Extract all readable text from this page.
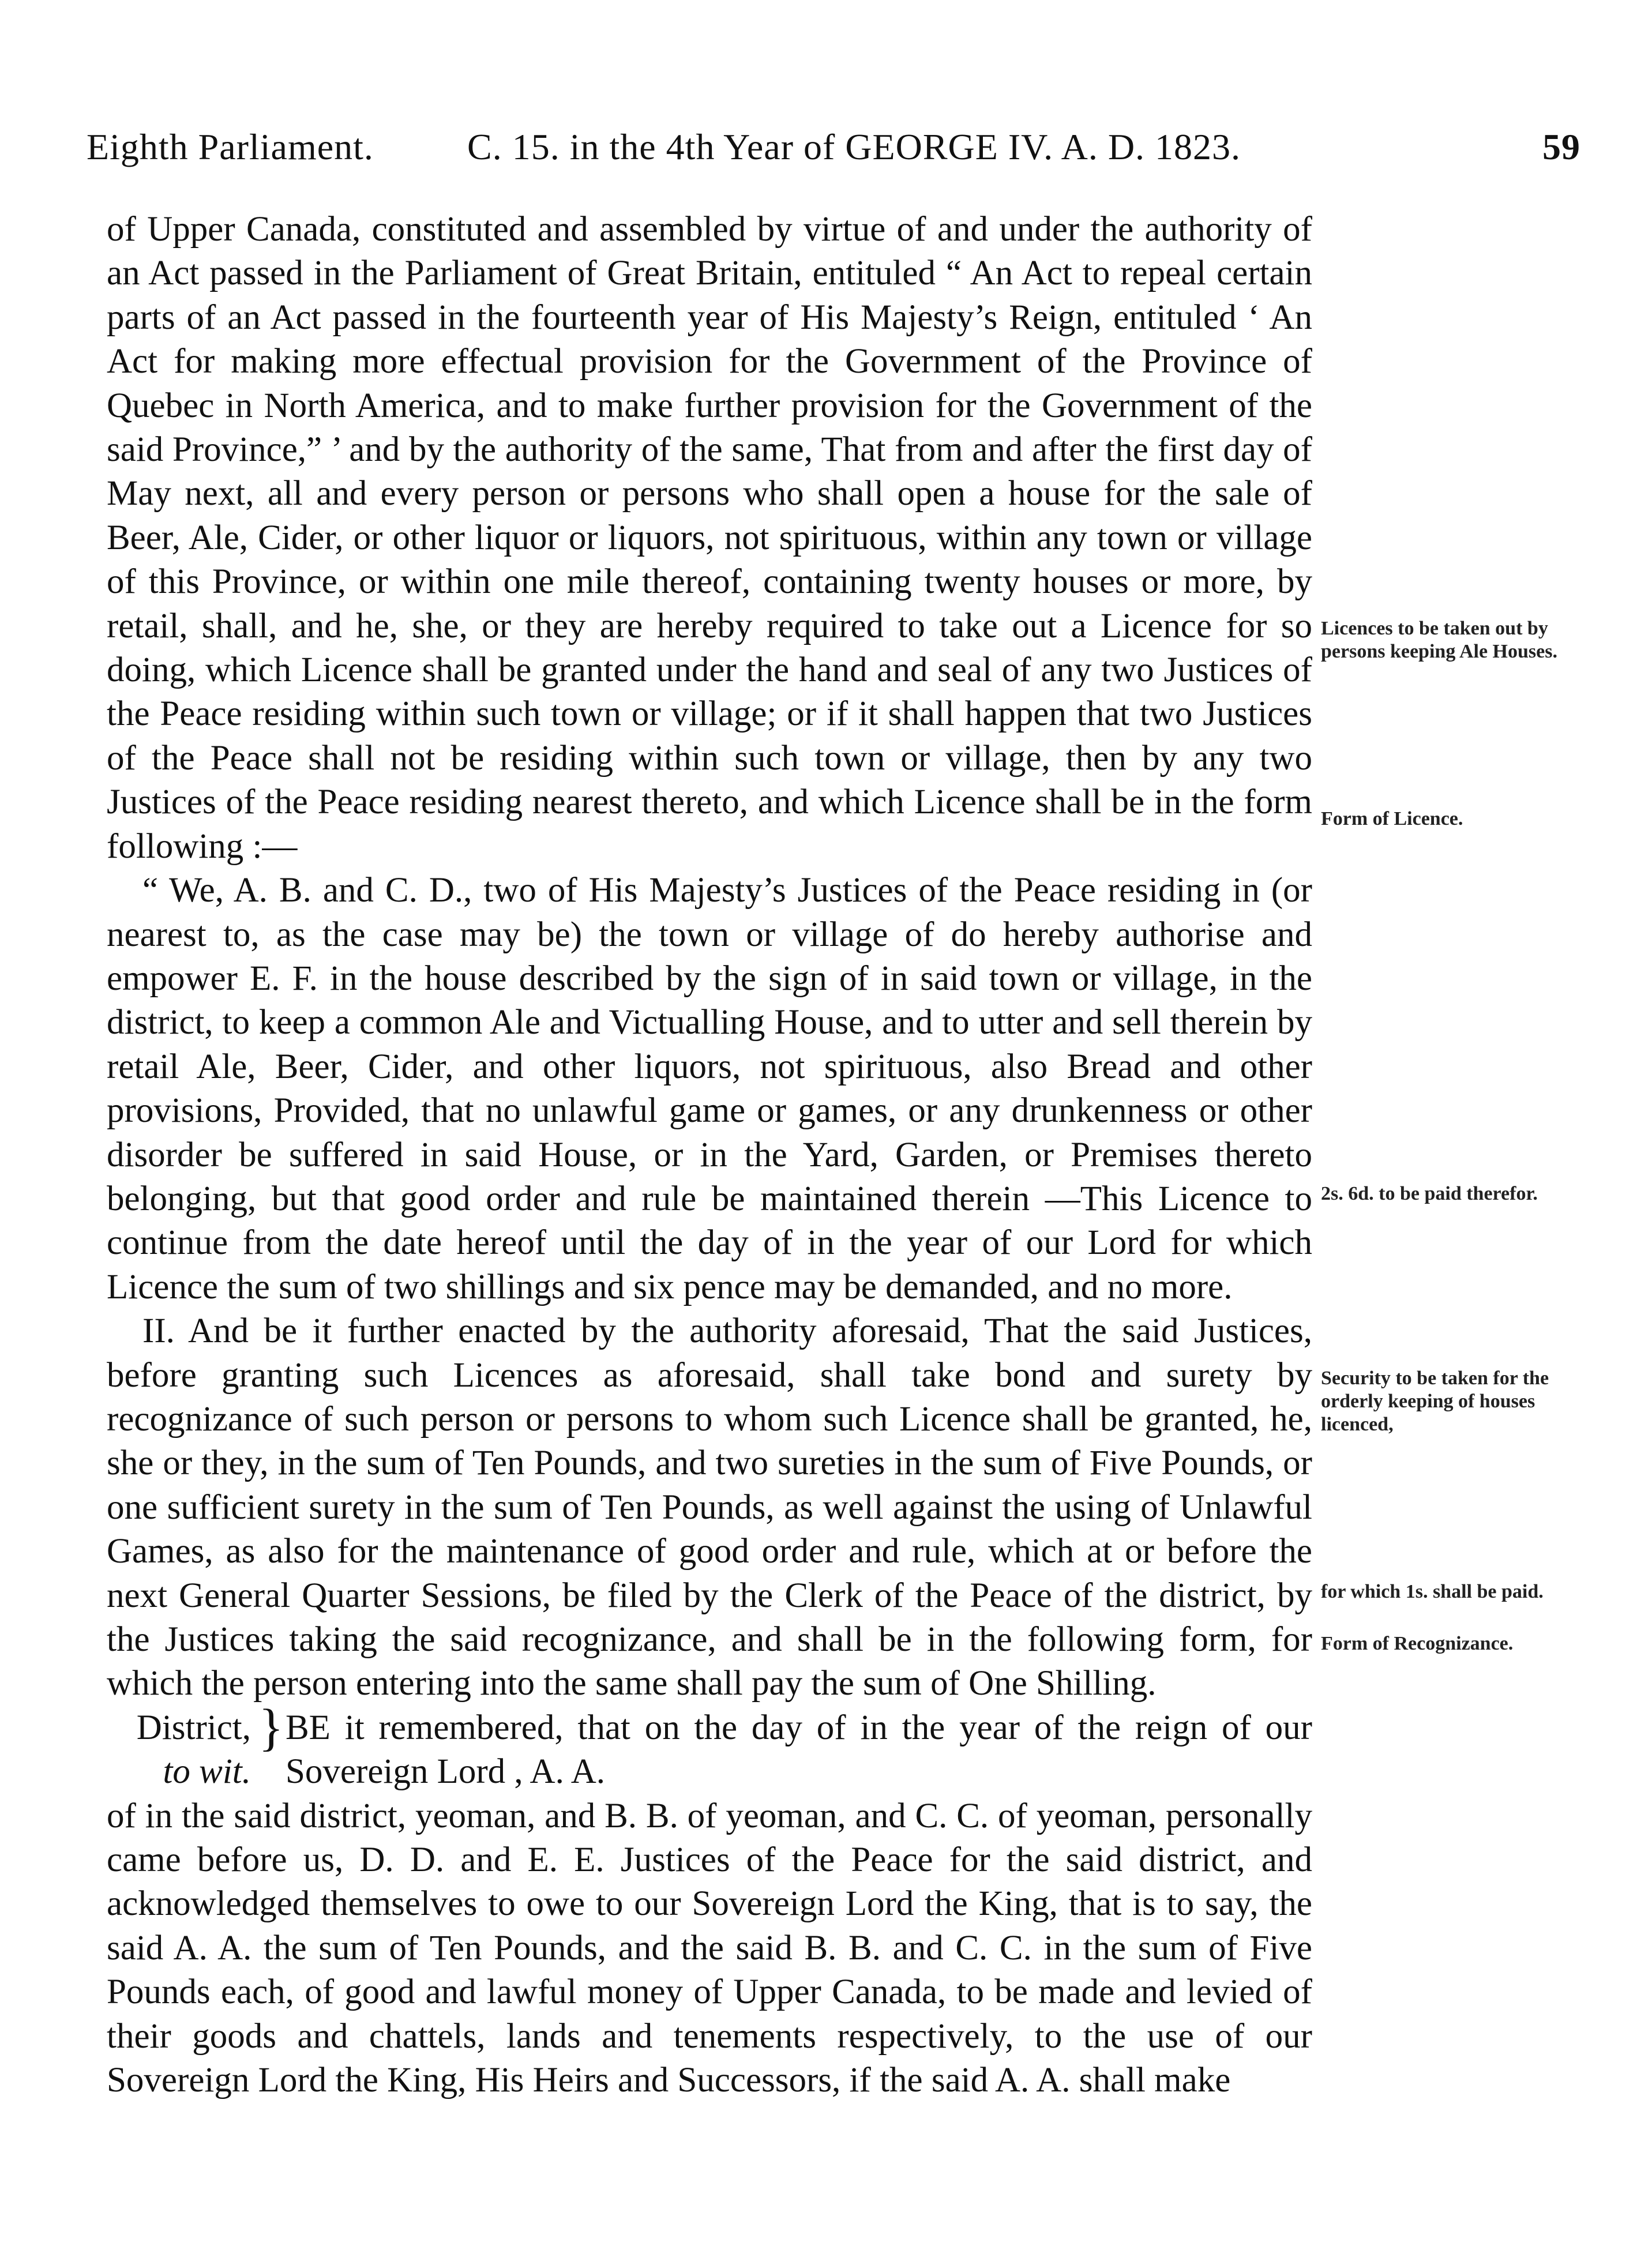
Eighth Parliament.	C. 15. in the 4th Year of GEORGE IV. A. D. 1823.	59

of Upper Canada, constituted and assembled by virtue of and under the authority of an Act passed in the Parliament of Great Britain, entituled “ An Act to repeal certain parts of an Act passed in the fourteenth year of His Majesty’s Reign, entituled ‘ An Act for making more effectual provision for the Government of the Province of Quebec in North America, and to make further provision for the Government of the said Province,” ’ and by the authority of the same, That from and after the first day of May next, all and every person or persons who shall open a house for the sale of Beer, Ale, Cider, or other liquor or liquors, not spirituous, within any town or village of this Province, or within one mile thereof, containing twenty houses or more, by retail, shall, and he, she, or they are hereby required to take out a Licence for so doing, which Licence shall be granted under the hand and seal of any two Justices of the Peace residing within such town or village; or if it shall happen that two Justices of the Peace shall not be residing within such town or village, then by any two Justices of the Peace residing nearest thereto, and which Licence shall be in the form following :—

“ We, A. B. and C. D., two of His Majesty’s Justices of the Peace residing in (or nearest to, as the case may be) the town or village of do hereby authorise and empower E. F. in the house described by the sign of in said town or village, in the district, to keep a common Ale and Victualling House, and to utter and sell therein by retail Ale, Beer, Cider, and other liquors, not spirituous, also Bread and other provisions, Provided, that no unlawful game or games, or any drunkenness or other disorder be suffered in said House, or in the Yard, Garden, or Premises thereto belonging, but that good order and rule be maintained therein —This Licence to continue from the date hereof until the day of in the year of our Lord for which Licence the sum of two shillings and six pence may be demanded, and no more.

II. And be it further enacted by the authority aforesaid, That the said Justices, before granting such Licences as aforesaid, shall take bond and surety by recognizance of such person or persons to whom such Licence shall be granted, he, she or they, in the sum of Ten Pounds, and two sureties in the sum of Five Pounds, or one sufficient surety in the sum of Ten Pounds, as well against the using of Unlawful Games, as also for the maintenance of good order and rule, which at or before the next General Quarter Sessions, be filed by the Clerk of the Peace of the district, by the Justices taking the said recognizance, and shall be in the following form, for which the person entering into the same shall pay the sum of One Shilling.

District,
to wit.
} BE it remembered, that on the day of in the year of the reign of our Sovereign Lord , A. A.

of in the said district, yeoman, and B. B. of yeoman, and C. C. of yeoman, personally came before us, D. D. and E. E. Justices of the Peace for the said district, and acknowledged themselves to owe to our Sovereign Lord the King, that is to say, the said A. A. the sum of Ten Pounds, and the said B. B. and C. C. in the sum of Five Pounds each, of good and lawful money of Upper Canada, to be made and levied of their goods and chattels, lands and tenements respectively, to the use of our Sovereign Lord the King, His Heirs and Successors, if the said A. A. shall make

Licences to be taken out by persons keeping Ale Houses.
Form of Licence.
2s. 6d. to be paid therefor.
Security to be taken for the orderly keeping of houses licenced,
for which 1s. shall be paid.
Form of Recognizance.
